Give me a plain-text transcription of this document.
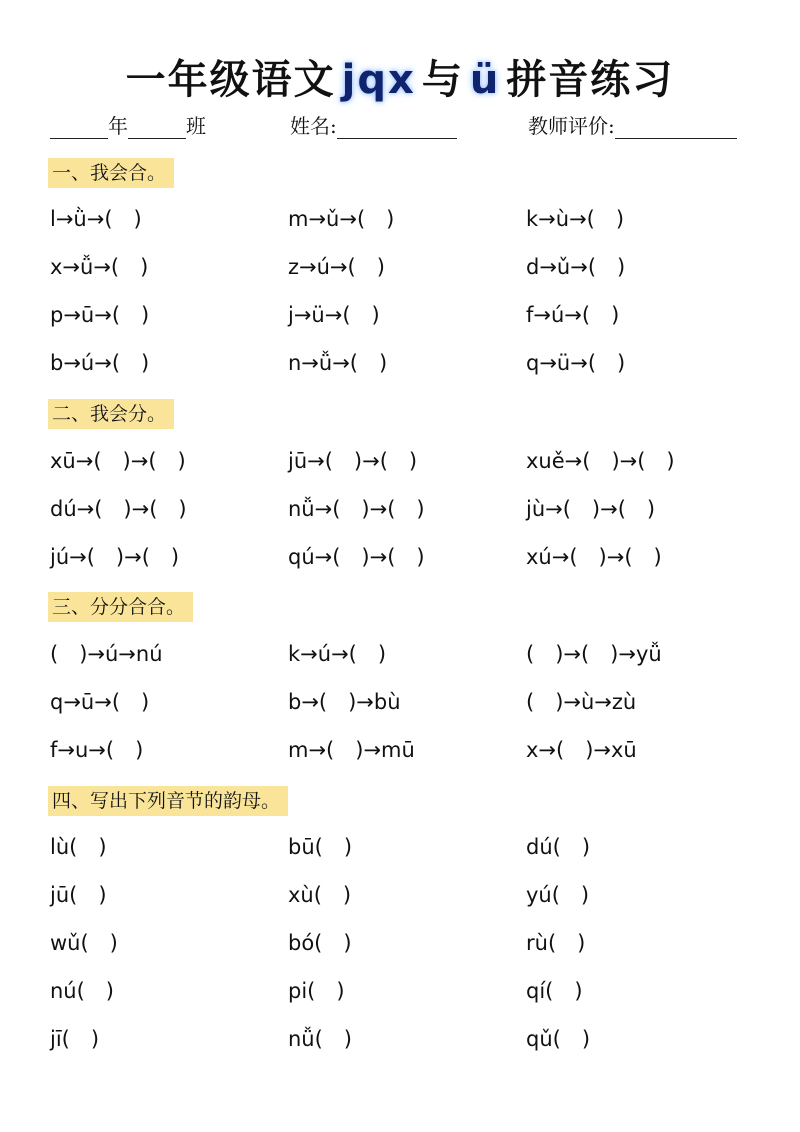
一年级语文 jqx 与 ü 拼音练习
年	班	姓名:	教师评价:
一、我会合。
l→ǜ→(　)	m→ǔ→(　)	k→ù→(　)
x→ǚ→(　)	z→ú→(　)	d→ǔ→(　)
p→ū→(　)	j→ü→(　)	f→ú→(　)
b→ú→(　)	n→ǚ→(　)	q→ü→(　)
二、我会分。
xū→(　)→(　)	jū→(　)→(　)	xuě→(　)→(　)
dú→(　)→(　)	nǚ→(　)→(　)	jù→(　)→(　)
jú→(　)→(　)	qú→(　)→(　)	xú→(　)→(　)
三、分分合合。
(　)→ú→nú	k→ú→(　)	(　)→(　)→yǚ
q→ū→(　)	b→(　)→bù	(　)→ù→zù
f→u→(　)	m→(　)→mū	x→(　)→xū
四、写出下列音节的韵母。
lù(　)	bū(　)	dú(　)
jū(　)	xù(　)	yú(　)
wǔ(　)	bó(　)	rù(　)
nú(　)	pi(　)	qí(　)
jī(　)	nǚ(　)	qǔ(　)
